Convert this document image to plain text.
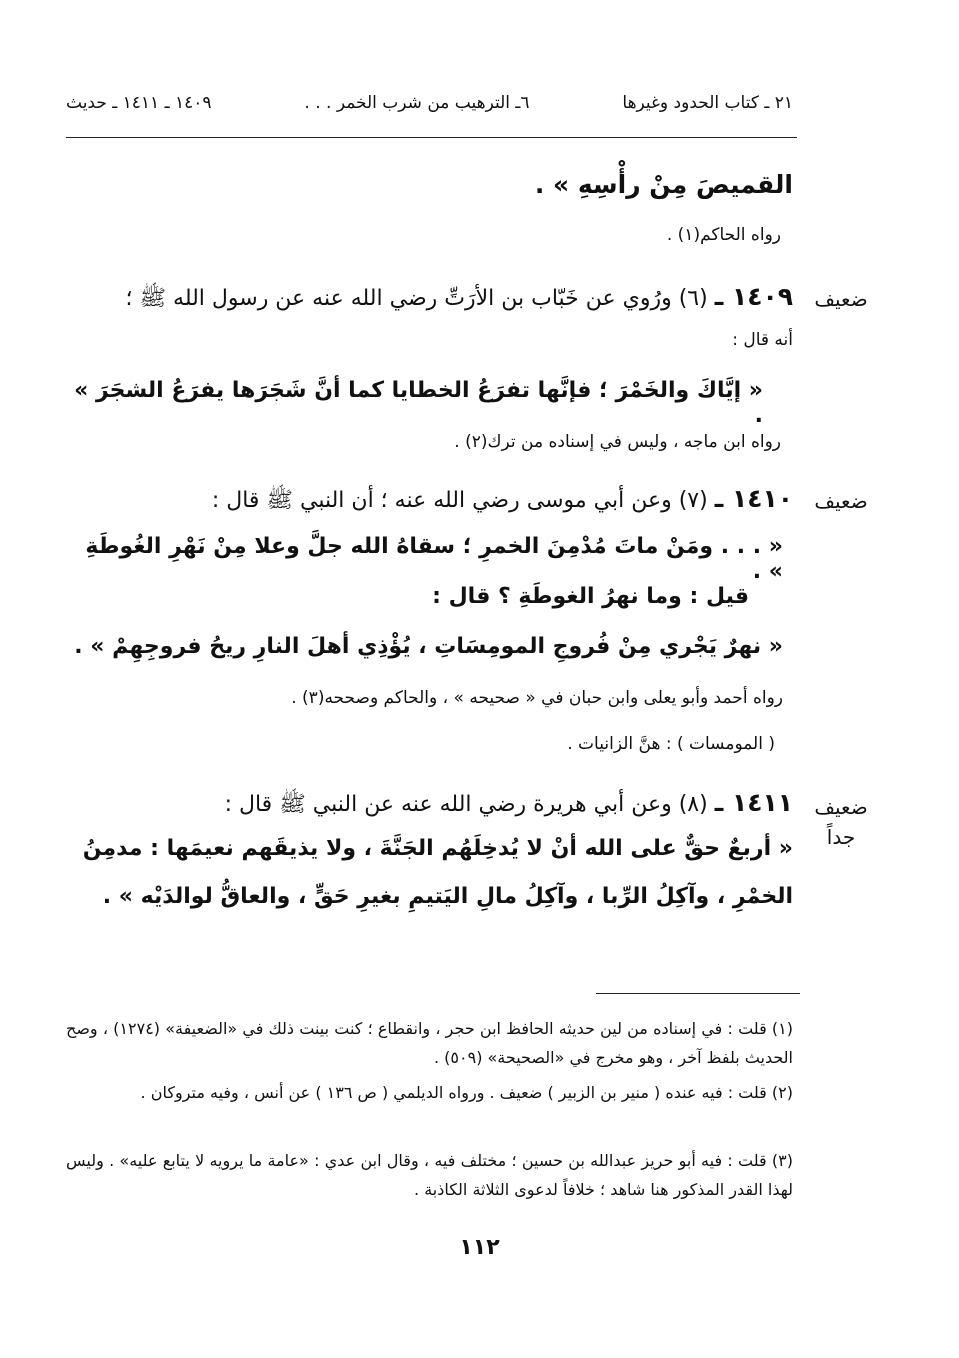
٢١ ـ كتاب الحدود وغيرها
٦ـ الترهيب من شرب الخمر . . .
١٤٠٩ ـ ١٤١١ ـ حديث
القميصَ مِنْ رأْسِهِ » .
رواه الحاكم(١) .
ضعيف
١٤٠٩ ـ (٦) ورُوي عن خَبّاب بن الأرَتِّ رضي الله عنه عن رسول الله ﷺ ؛
أنه قال :
« إيَّاكَ والخَمْرَ ؛ فإنَّها تفرَعُ الخطايا كما أنَّ شَجَرَها يفرَعُ الشجَرَ » .
رواه ابن ماجه ، وليس في إسناده من ترك(٢) .
ضعيف
١٤١٠ ـ (٧) وعن أبي موسى رضي الله عنه ؛ أن النبي ﷺ قال :
« . . . ومَنْ ماتَ مُدْمِنَ الخمرِ ؛ سقاهُ الله جلَّ وعلا مِنْ نَهْرِ الغُوطَةِ » .
قيل : وما نهرُ الغوطَةِ ؟ قال :
« نهرٌ يَجْري مِنْ فُروجِ المومِسَاتِ ، يُؤْذِي أهلَ النارِ ريحُ فروجِهِمْ » .
رواه أحمد وأبو يعلى وابن حبان في « صحيحه » ، والحاكم وصححه(٣) .
( المومسات ) : هنَّ الزانيات .
ضعيف
جداً
١٤١١ ـ (٨) وعن أبي هريرة رضي الله عنه عن النبي ﷺ قال :
« أربعٌ حقٌّ على الله أنْ لا يُدخِلَهُم الجَنَّةَ ، ولا يذيقَهم نعيمَها : مدمِنُ
الخمْرِ ، وآكِلُ الرِّبا ، وآكِلُ مالِ اليَتيمِ بغيرِ حَقٍّ ، والعاقُّ لوالدَيْه » .
(١) قلت : في إسناده من لين حديثه الحافظ ابن حجر ، وانقطاع ؛ كنت بينت ذلك في «الضعيفة» (١٢٧٤) ، وصح الحديث بلفظ آخر ، وهو مخرج في «الصحيحة» (٥٠٩) .
(٢) قلت : فيه عنده ( منير بن الزبير ) ضعيف . ورواه الديلمي ( ص ١٣٦ ) عن أنس ، وفيه متروكان .
(٣) قلت : فيه أبو حريز عبدالله بن حسين ؛ مختلف فيه ، وقال ابن عدي : «عامة ما يرويه لا يتابع عليه» . وليس لهذا القدر المذكور هنا شاهد ؛ خلافاً لدعوى الثلاثة الكاذبة .
١١٢
